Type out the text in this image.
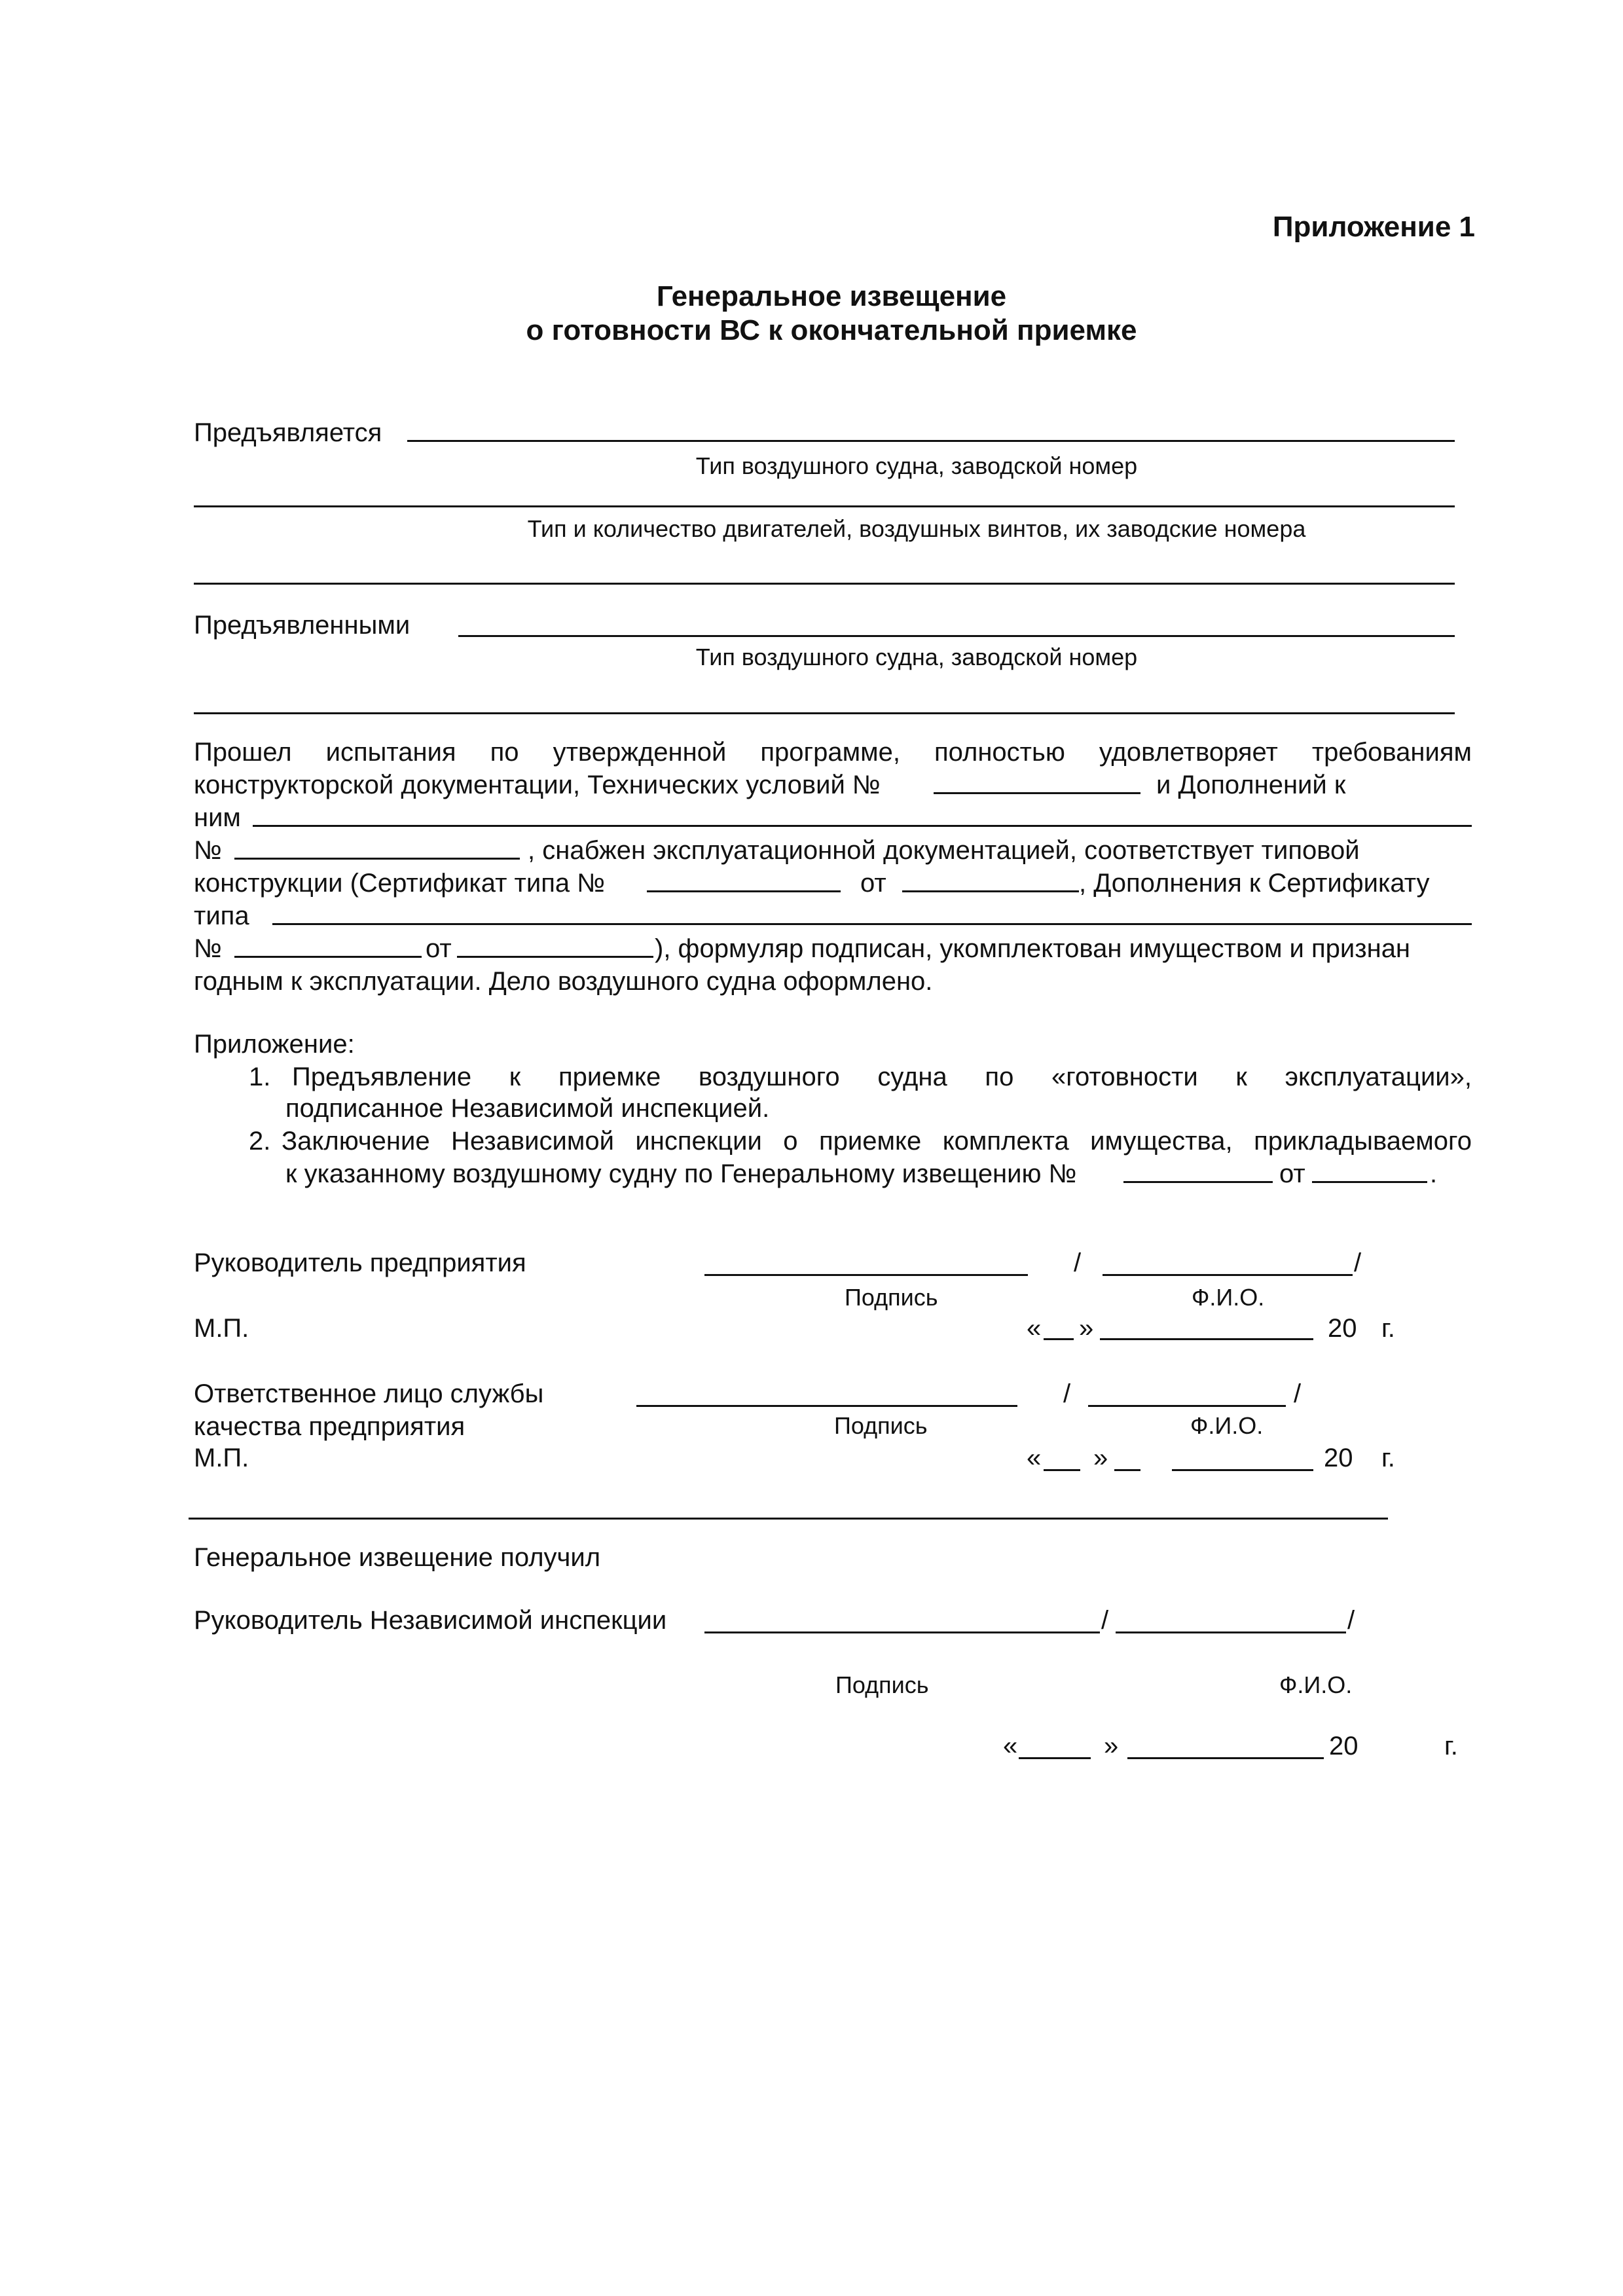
Приложение 1
Генеральное извещение
о готовности ВС к окончательной приемке
Предъявляется
Тип воздушного судна, заводской номер
Тип и количество двигателей, воздушных винтов, их заводские номера
Предъявленными
Тип воздушного судна, заводской номер
Прошел испытания по утвержденной программе, полностью удовлетворяет требованиям
конструкторской документации, Технических условий №	и Дополнений к
ним
№	, снабжен эксплуатационной документацией, соответствует типовой
конструкции (Сертификат типа №	от	, Дополнения к Сертификату
типа
№	от	), формуляр подписан, укомплектован имуществом и признан
годным к эксплуатации. Дело воздушного судна оформлено.
Приложение:
1. Предъявление к приемке воздушного судна по «готовности к эксплуатации»,
подписанное Независимой инспекцией.
2. Заключение Независимой инспекции о приемке комплекта имущества, прикладываемого
к указанному воздушному судну по Генеральному извещению №	от	.
Руководитель предприятия	/	/
Подпись	Ф.И.О.
М.П.	« »	20 г.
Ответственное лицо службы	/	/
качества предприятия	Подпись	Ф.И.О.
М.П.	« »	20 г.
Генеральное извещение получил
Руководитель Независимой инспекции	/	/
Подпись	Ф.И.О.
«	»	20	г.
